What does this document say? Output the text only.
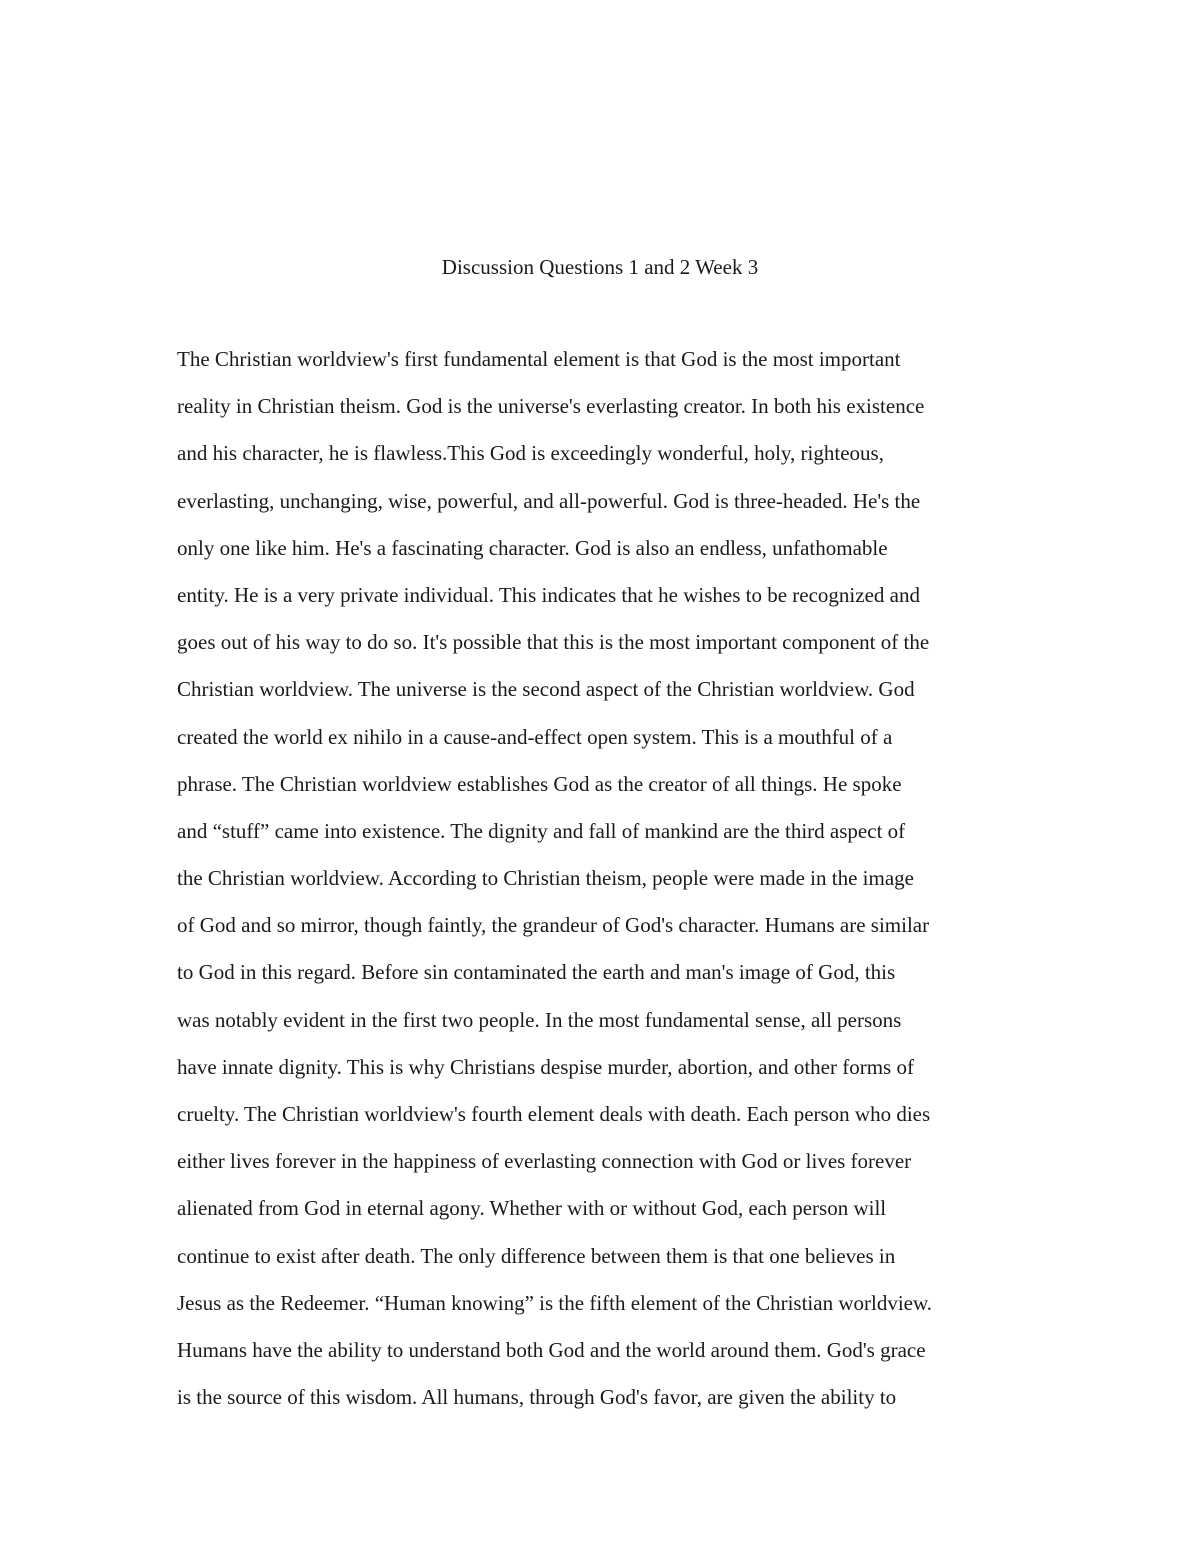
Discussion Questions 1 and 2 Week 3
The Christian worldview's first fundamental element is that God is the most important
reality in Christian theism. God is the universe's everlasting creator. In both his existence
and his character, he is flawless.This God is exceedingly wonderful, holy, righteous,
everlasting, unchanging, wise, powerful, and all-powerful. God is three-headed. He's the
only one like him. He's a fascinating character. God is also an endless, unfathomable
entity. He is a very private individual. This indicates that he wishes to be recognized and
goes out of his way to do so. It's possible that this is the most important component of the
Christian worldview. The universe is the second aspect of the Christian worldview. God
created the world ex nihilo in a cause-and-effect open system. This is a mouthful of a
phrase. The Christian worldview establishes God as the creator of all things. He spoke
and “stuff” came into existence. The dignity and fall of mankind are the third aspect of
the Christian worldview. According to Christian theism, people were made in the image
of God and so mirror, though faintly, the grandeur of God's character. Humans are similar
to God in this regard. Before sin contaminated the earth and man's image of God, this
was notably evident in the first two people. In the most fundamental sense, all persons
have innate dignity. This is why Christians despise murder, abortion, and other forms of
cruelty. The Christian worldview's fourth element deals with death. Each person who dies
either lives forever in the happiness of everlasting connection with God or lives forever
alienated from God in eternal agony. Whether with or without God, each person will
continue to exist after death. The only difference between them is that one believes in
Jesus as the Redeemer. “Human knowing” is the fifth element of the Christian worldview.
Humans have the ability to understand both God and the world around them. God's grace
is the source of this wisdom. All humans, through God's favor, are given the ability to
